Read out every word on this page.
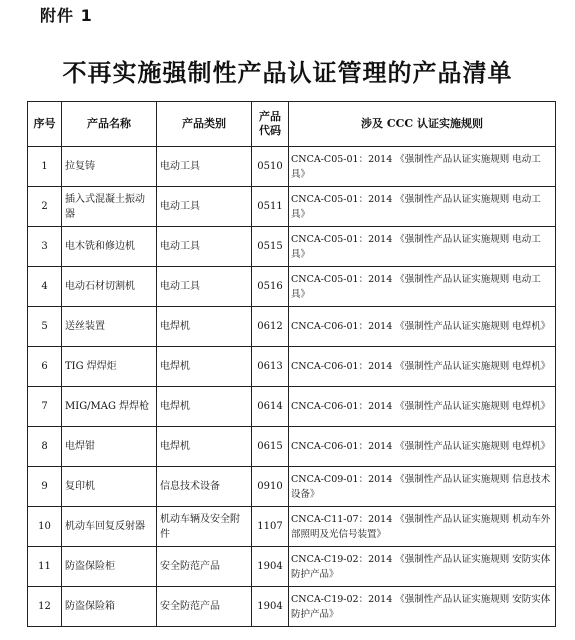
附件 1
不再实施强制性产品认证管理的产品清单
序号	产品名称	产品类别	产品代码	涉及 CCC 认证实施规则
1	拉复铸	电动工具	0510	CNCA-C05-01：2014 《强制性产品认证实施规则 电动工具》
2	插入式混凝土振动器	电动工具	0511	CNCA-C05-01：2014 《强制性产品认证实施规则 电动工具》
3	电木铣和修边机	电动工具	0515	CNCA-C05-01：2014 《强制性产品认证实施规则 电动工具》
4	电动石材切割机	电动工具	0516	CNCA-C05-01：2014 《强制性产品认证实施规则 电动工具》
5	送丝装置	电焊机	0612	CNCA-C06-01：2014 《强制性产品认证实施规则 电焊机》
6	TIG 焊焊炬	电焊机	0613	CNCA-C06-01：2014 《强制性产品认证实施规则 电焊机》
7	MIG/MAG 焊焊枪	电焊机	0614	CNCA-C06-01：2014 《强制性产品认证实施规则 电焊机》
8	电焊钳	电焊机	0615	CNCA-C06-01：2014 《强制性产品认证实施规则 电焊机》
9	复印机	信息技术设备	0910	CNCA-C09-01：2014 《强制性产品认证实施规则 信息技术设备》
10	机动车回复反射器	机动车辆及安全附件	1107	CNCA-C11-07：2014 《强制性产品认证实施规则 机动车外部照明及光信号装置》
11	防盗保险柜	安全防范产品	1904	CNCA-C19-02：2014 《强制性产品认证实施规则 安防实体防护产品》
12	防盗保险箱	安全防范产品	1904	CNCA-C19-02：2014 《强制性产品认证实施规则 安防实体防护产品》
